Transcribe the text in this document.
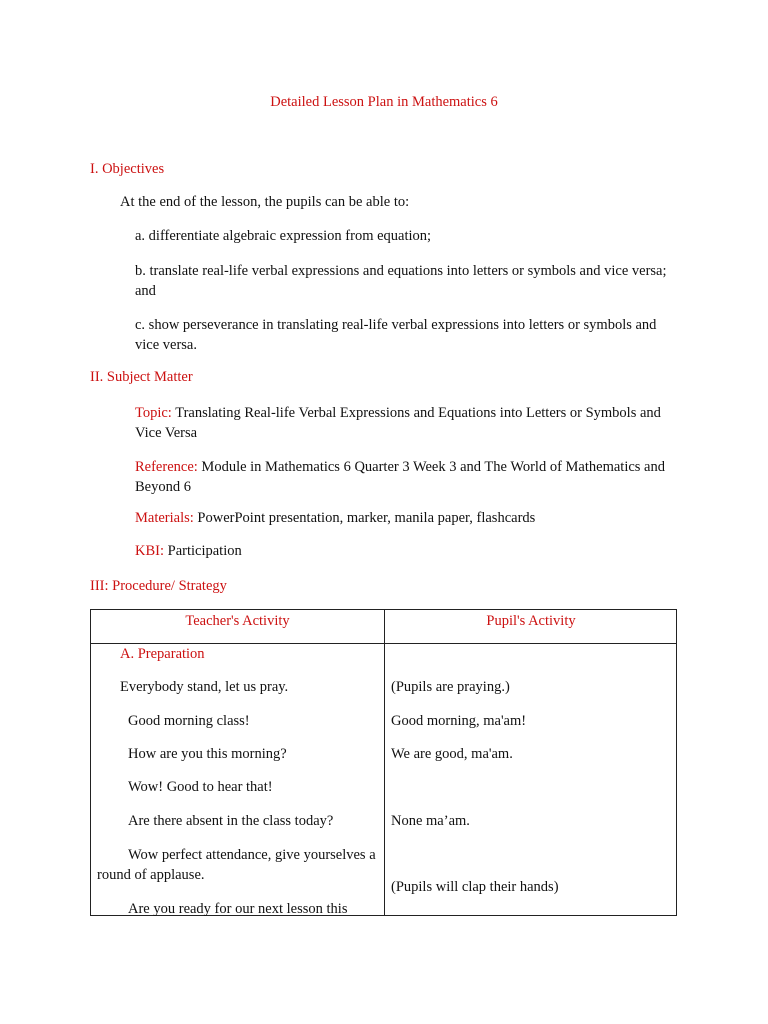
Detailed Lesson Plan in Mathematics 6
I. Objectives
At the end of the lesson, the pupils can be able to:
a. differentiate algebraic expression from equation;
b. translate real-life verbal expressions and equations into letters or symbols and vice versa; and
c. show perseverance in translating real-life verbal expressions into letters or symbols and vice versa.
II. Subject Matter
Topic: Translating Real-life Verbal Expressions and Equations into Letters or Symbols and Vice Versa
Reference: Module in Mathematics 6 Quarter 3 Week 3 and The World of Mathematics and Beyond 6
Materials: PowerPoint presentation, marker, manila paper, flashcards
KBI: Participation
III: Procedure/ Strategy
Teacher's Activity	Pupil's Activity
A. Preparation
Everybody stand, let us pray.
Good morning class!
How are you this morning?
Wow! Good to hear that!
Are there absent in the class today?
Wow perfect attendance, give yourselves a round of applause.
Are you ready for our next lesson this
(Pupils are praying.)
Good morning, ma'am!
We are good, ma'am.
None ma’am.
(Pupils will clap their hands)
